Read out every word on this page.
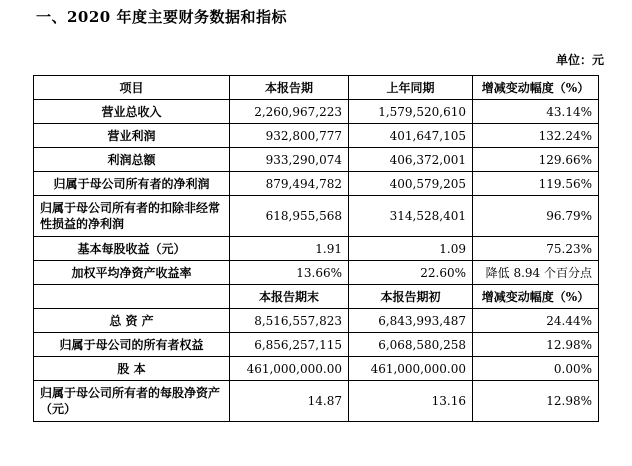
一、2020 年度主要财务数据和指标
单位：元
项目	本报告期	上年同期	增减变动幅度（%）
营业总收入	2,260,967,223	1,579,520,610	43.14%
营业利润	932,800,777	401,647,105	132.24%
利润总额	933,290,074	406,372,001	129.66%
归属于母公司所有者的净利润	879,494,782	400,579,205	119.56%
归属于母公司所有者的扣除非经常性损益的净利润	618,955,568	314,528,401	96.79%
基本每股收益（元）	1.91	1.09	75.23%
加权平均净资产收益率	13.66%	22.60%	降低 8.94 个百分点
	本报告期末	本报告期初	增减变动幅度（%）
总 资 产	8,516,557,823	6,843,993,487	24.44%
归属于母公司的所有者权益	6,856,257,115	6,068,580,258	12.98%
股 本	461,000,000.00	461,000,000.00	0.00%
归属于母公司所有者的每股净资产（元）	14.87	13.16	12.98%
